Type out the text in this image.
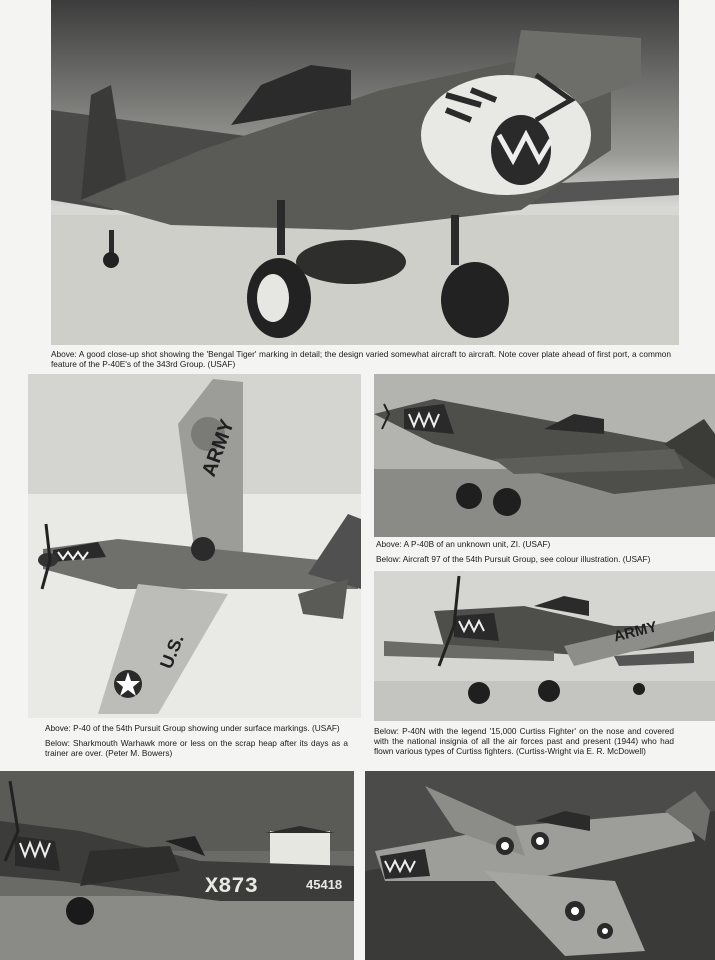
Above: A good close-up shot showing the 'Bengal Tiger' marking in detail; the design varied somewhat aircraft to aircraft. Note cover plate ahead of first port, a common feature of the P-40E's of the 343rd Group. (USAF)

ARMY
U.S.

Above: P-40 of the 54th Pursuit Group showing under surface markings. (USAF)

Below: Sharkmouth Warhawk more or less on the scrap heap after its days as a trainer are over. (Peter M. Bowers)

Above: A P-40B of an unknown unit, ZI. (USAF)

Below: Aircraft 97 of the 54th Pursuit Group, see colour illustration. (USAF)

ARMY

Below: P-40N with the legend '15,000 Curtiss Fighter' on the nose and covered with the national insignia of all the air forces past and present (1944) who had flown various types of Curtiss fighters. (Curtiss-Wright via E. R. McDowell)

X873	45418
